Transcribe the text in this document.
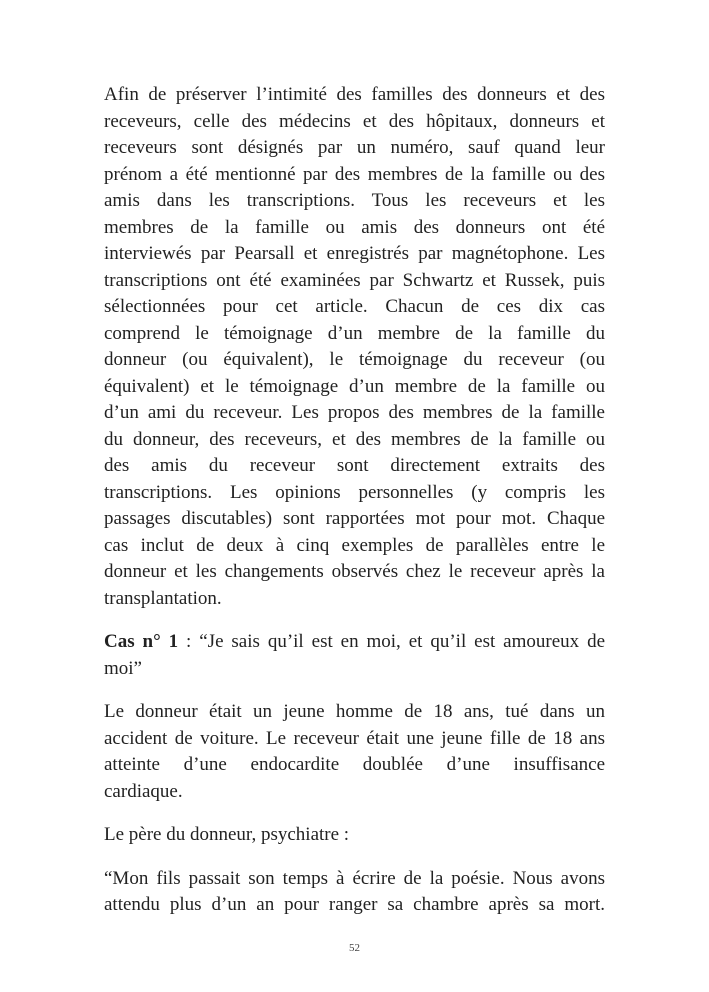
Afin de préserver l’intimité des familles des donneurs et des
receveurs, celle des médecins et des hôpitaux, donneurs et
receveurs sont désignés par un numéro, sauf quand leur
prénom a été mentionné par des membres de la famille ou des
amis dans les transcriptions. Tous les receveurs et les
membres de la famille ou amis des donneurs ont été
interviewés par Pearsall et enregistrés par magnétophone. Les
transcriptions ont été examinées par Schwartz et Russek, puis
sélectionnées pour cet article. Chacun de ces dix cas
comprend le témoignage d’un membre de la famille du
donneur (ou équivalent), le témoignage du receveur (ou
équivalent) et le témoignage d’un membre de la famille ou
d’un ami du receveur. Les propos des membres de la famille
du donneur, des receveurs, et des membres de la famille ou
des amis du receveur sont directement extraits des
transcriptions. Les opinions personnelles (y compris les
passages discutables) sont rapportées mot pour mot. Chaque
cas inclut de deux à cinq exemples de parallèles entre le
donneur et les changements observés chez le receveur après la
transplantation.
Cas n° 1 : “Je sais qu’il est en moi, et qu’il est amoureux de
moi”
Le donneur était un jeune homme de 18 ans, tué dans un
accident de voiture. Le receveur était une jeune fille de 18 ans
atteinte d’une endocardite doublée d’une insuffisance
cardiaque.
Le père du donneur, psychiatre :
“Mon fils passait son temps à écrire de la poésie. Nous avons
attendu plus d’un an pour ranger sa chambre après sa mort.
52
